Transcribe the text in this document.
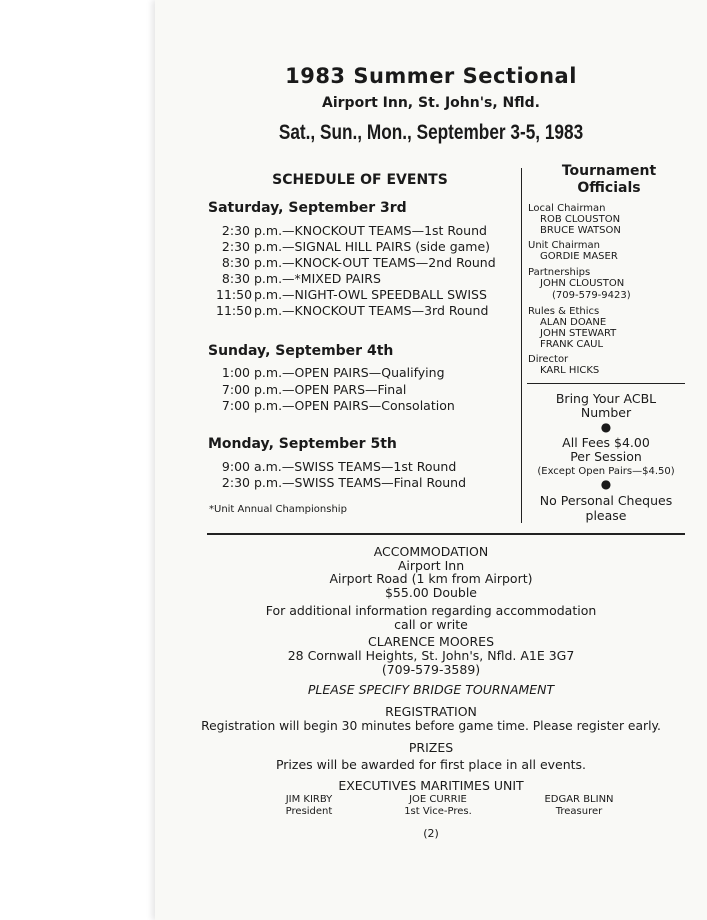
1983 Summer Sectional
Airport Inn, St. John's, Nfld.
Sat., Sun., Mon., September 3-5, 1983
SCHEDULE OF EVENTS
Saturday, September 3rd
2:30 p.m.—KNOCKOUT TEAMS—1st Round
2:30 p.m.—SIGNAL HILL PAIRS (side game)
8:30 p.m.—KNOCK-OUT TEAMS—2nd Round
8:30 p.m.—*MIXED PAIRS
11:50 p.m.—NIGHT-OWL SPEEDBALL SWISS
11:50 p.m.—KNOCKOUT TEAMS—3rd Round
Sunday, September 4th
1:00 p.m.—OPEN PAIRS—Qualifying
7:00 p.m.—OPEN PARS—Final
7:00 p.m.—OPEN PAIRS—Consolation
Monday, September 5th
9:00 a.m.—SWISS TEAMS—1st Round
2:30 p.m.—SWISS TEAMS—Final Round
*Unit Annual Championship
Tournament Officials
Local Chairman
ROB CLOUSTON
BRUCE WATSON
Unit Chairman
GORDIE MASER
Partnerships
JOHN CLOUSTON
(709-579-9423)
Rules & Ethics
ALAN DOANE
JOHN STEWART
FRANK CAUL
Director
KARL HICKS
Bring Your ACBL
Number
●
All Fees $4.00
Per Session
(Except Open Pairs—$4.50)
●
No Personal Cheques
please
ACCOMMODATION
Airport Inn
Airport Road (1 km from Airport)
$55.00 Double
For additional information regarding accommodation
call or write
CLARENCE MOORES
28 Cornwall Heights, St. John's, Nfld. A1E 3G7
(709-579-3589)
PLEASE SPECIFY BRIDGE TOURNAMENT
REGISTRATION
Registration will begin 30 minutes before game time. Please register early.
PRIZES
Prizes will be awarded for first place in all events.
EXECUTIVES MARITIMES UNIT
JIM KIRBY
President
JOE CURRIE
1st Vice-Pres.
EDGAR BLINN
Treasurer
(2)
